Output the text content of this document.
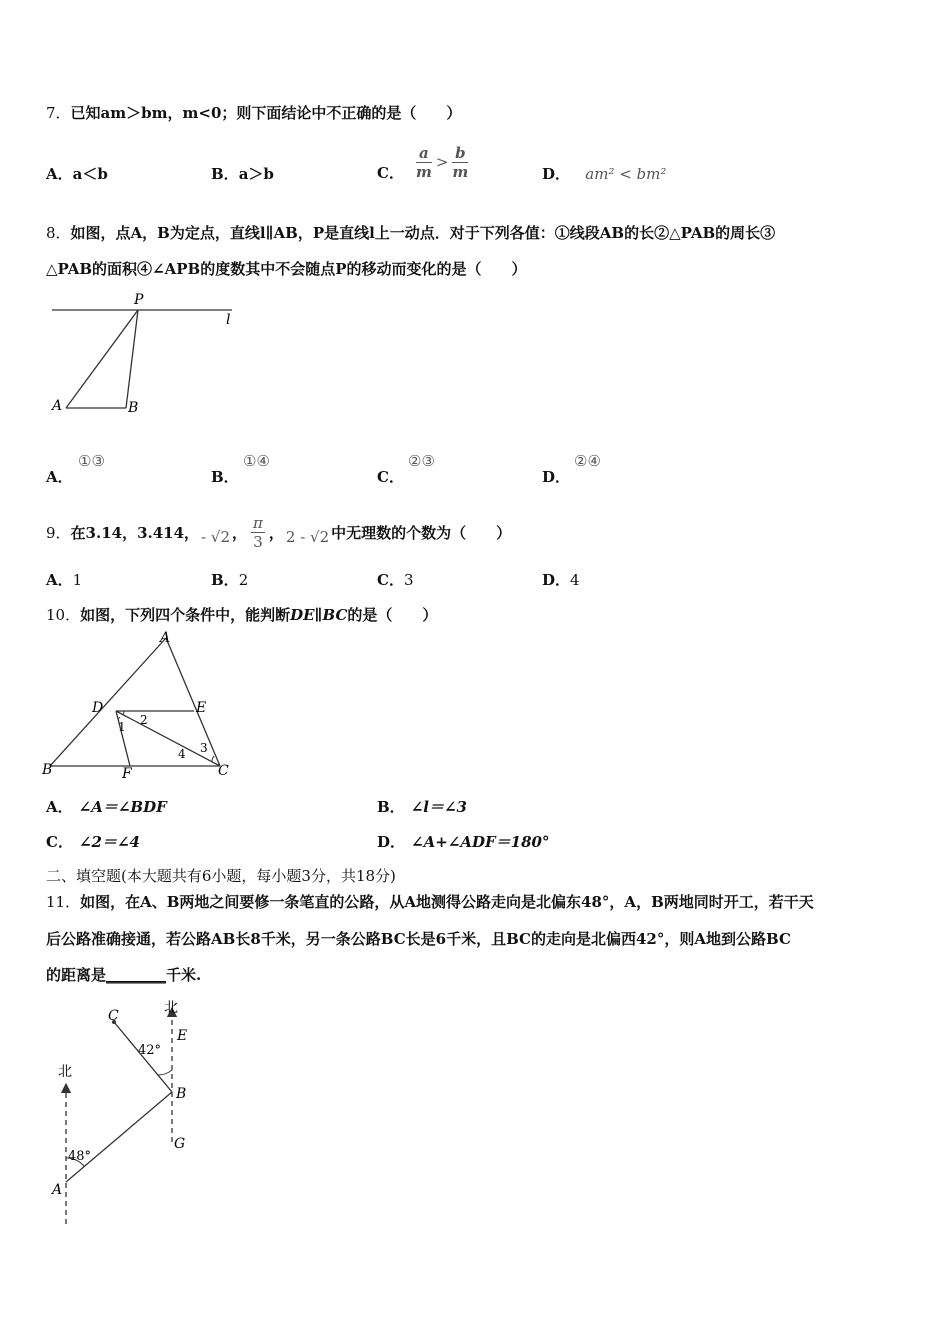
7．已知am＞bm，m<0；则下面结论中不正确的是（　　）
A．a＜b	B．a＞b	C． $\frac{a}{m} > \frac{b}{m}$	D． am² < bm²
8．如图，点A，B为定点，直线l∥AB，P是直线l上一动点．对于下列各值：①线段AB的长②△PAB的周长③
△PAB的面积④∠APB的度数其中不会随点P的移动而变化的是（　　）
P
l
A	B
A．
①③
B．
①④
C．
②③
D．
②④
9． 在3.14，3.414， - √2 ， $\frac{\pi}{3}$ ， 2 - √2 中无理数的个数为（　　）
A．1	B．2	C．3	D．4
10．如图，下列四个条件中，能判断DE∥BC的是（　　）
A
D	E
B	F	C
1 2
3
4
A． ∠A＝∠BDF	B． ∠l＝∠3
C． ∠2＝∠4	D． ∠A+∠ADF＝180°
二、填空题(本大题共有6小题，每小题3分，共18分)
11．如图，在A、B两地之间要修一条笔直的公路，从A地测得公路走向是北偏东48°，A，B两地同时开工，若干天
后公路准确接通，若公路AB长8千米，另一条公路BC长是6千米，且BC的走向是北偏西42°，则A地到公路BC
的距离是________千米.
北
北
A
B
C
E
G
48°
42°
